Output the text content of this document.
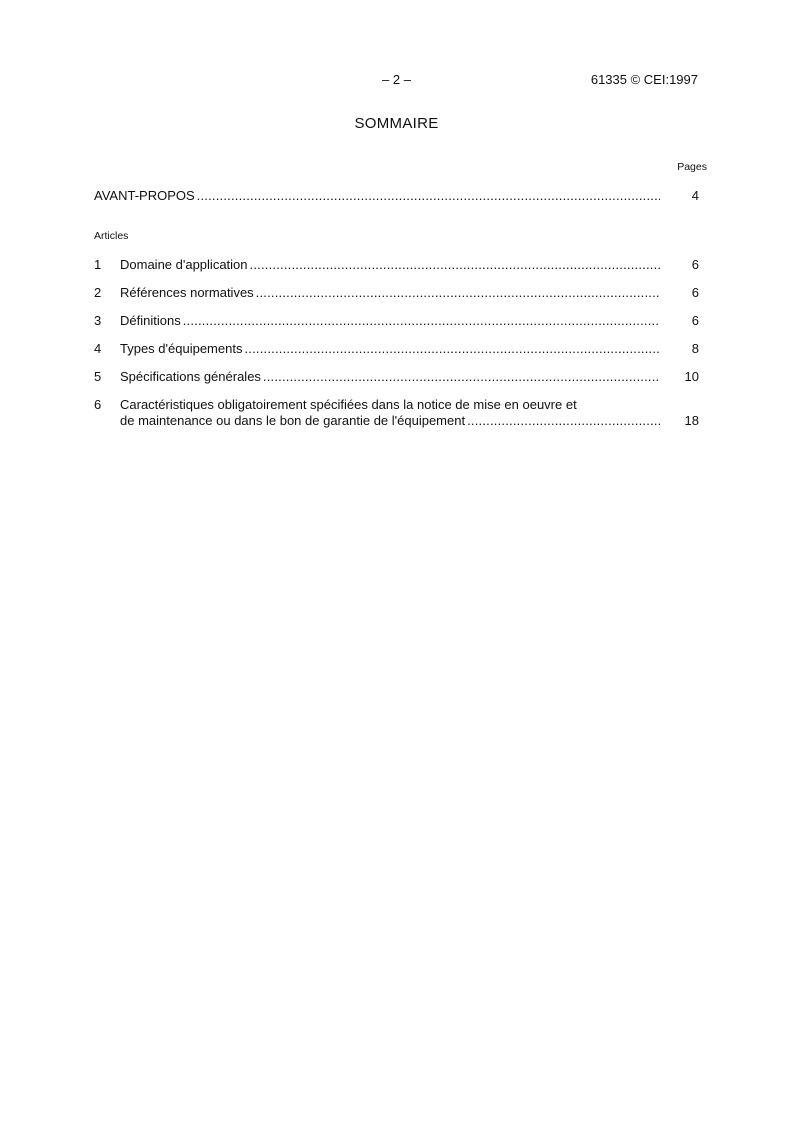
– 2 –	61335 © CEI:1997
SOMMAIRE
Pages
AVANT-PROPOS .....	4
Articles
1	Domaine d'application .....	6
2	Références normatives .....	6
3	Définitions .....	6
4	Types d'équipements .....	8
5	Spécifications générales .....	10
6	Caractéristiques obligatoirement spécifiées dans la notice de mise en oeuvre et
de maintenance ou dans le bon de garantie de l'équipement .....	18
